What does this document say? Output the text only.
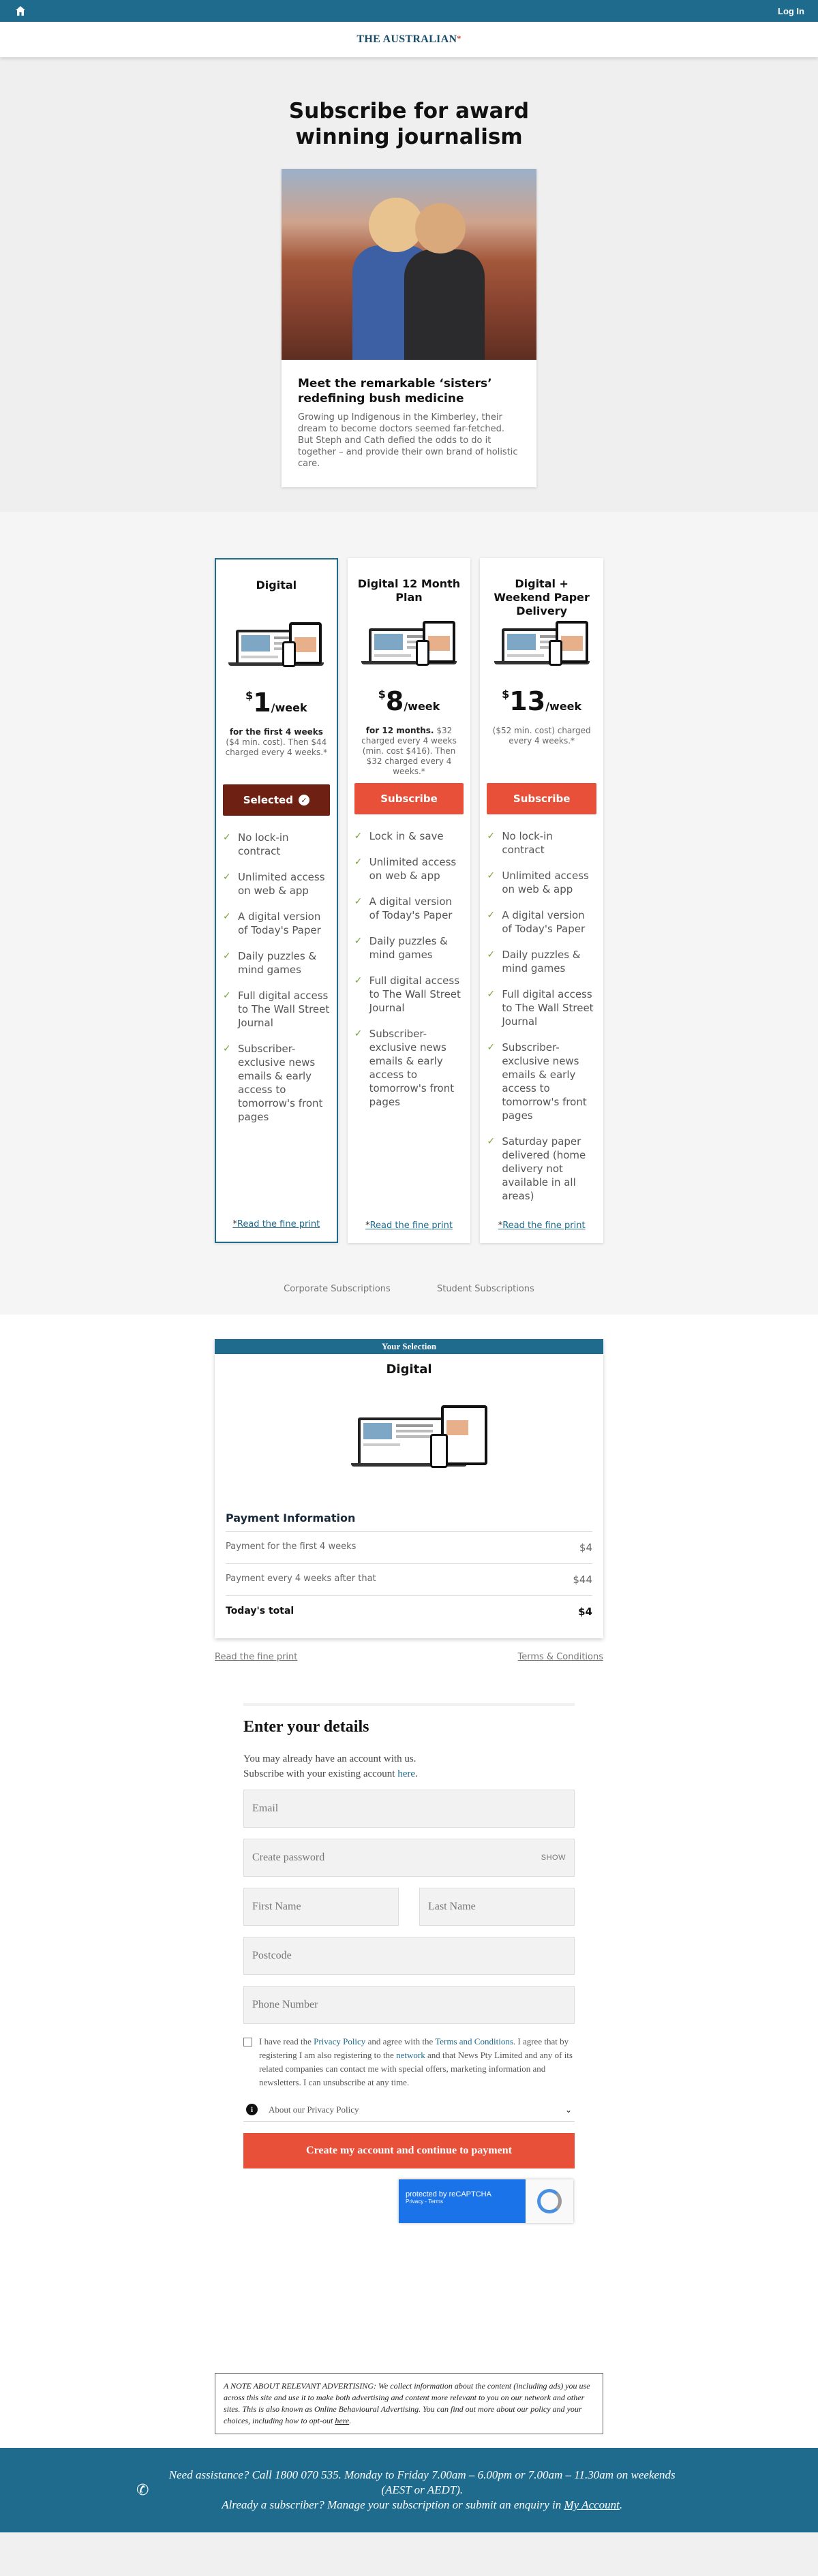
Log In
THE AUSTRALIAN*
Subscribe for award winning journalism
Meet the remarkable ‘sisters’ redefining bush medicine

Growing up Indigenous in the Kimberley, their dream to become doctors seemed far-fetched. But Steph and Cath defied the odds to do it together – and provide their own brand of holistic care.

Digital
$1/week
for the first 4 weeks ($4 min. cost). Then $44 charged every 4 weeks.*
Selected	✓
✓ No lock-in contract
✓ Unlimited access on web & app
✓ A digital version of Today's Paper
✓ Daily puzzles & mind games
✓ Full digital access to The Wall Street Journal
✓ Subscriber-exclusive news emails & early access to tomorrow's front pages
*Read the fine print
Digital 12 Month Plan
$8/week
for 12 months. $32 charged every 4 weeks (min. cost $416). Then $32 charged every 4 weeks.*
Subscribe
✓ Lock in & save
✓ Unlimited access on web & app
✓ A digital version of Today's Paper
✓ Daily puzzles & mind games
✓ Full digital access to The Wall Street Journal
✓ Subscriber-exclusive news emails & early access to tomorrow's front pages
*Read the fine print
Digital + Weekend Paper Delivery
$13/week
($52 min. cost) charged every 4 weeks.*
Subscribe
✓ No lock-in contract
✓ Unlimited access on web & app
✓ A digital version of Today's Paper
✓ Daily puzzles & mind games
✓ Full digital access to The Wall Street Journal
✓ Subscriber-exclusive news emails & early access to tomorrow's front pages
✓ Saturday paper delivered (home delivery not available in all areas)
*Read the fine print
Corporate Subscriptions	Student Subscriptions
Your Selection
Digital
Payment Information
Payment for the first 4 weeks	$4
Payment every 4 weeks after that	$44
Today's total	$4
Read the fine print	Terms & Conditions
Enter your details
You may already have an account with us.
Subscribe with your existing account here.
Email
SHOW
First Name
Last Name
Postcode
Phone Number
I have read the Privacy Policy and agree with the Terms and Conditions. I agree that by registering I am also registering to the network and that News Pty Limited and any of its related companies can contact me with special offers, marketing information and newsletters. I can unsubscribe at any time.
i	About our Privacy Policy	⌄
Create my account and continue to payment
protected by reCAPTCHA
Privacy - Terms
A NOTE ABOUT RELEVANT ADVERTISING: We collect information about the content (including ads) you use across this site and use it to make both advertising and content more relevant to you on our network and other sites. This is also known as Online Behavioural Advertising. You can find out more about our policy and your choices, including how to opt-out here.
✆

Need assistance? Call 1800 070 535. Monday to Friday 7.00am – 6.00pm or 7.00am – 11.30am on weekends (AEST or AEDT).
Already a subscriber? Manage your subscription or submit an enquiry in My Account.
